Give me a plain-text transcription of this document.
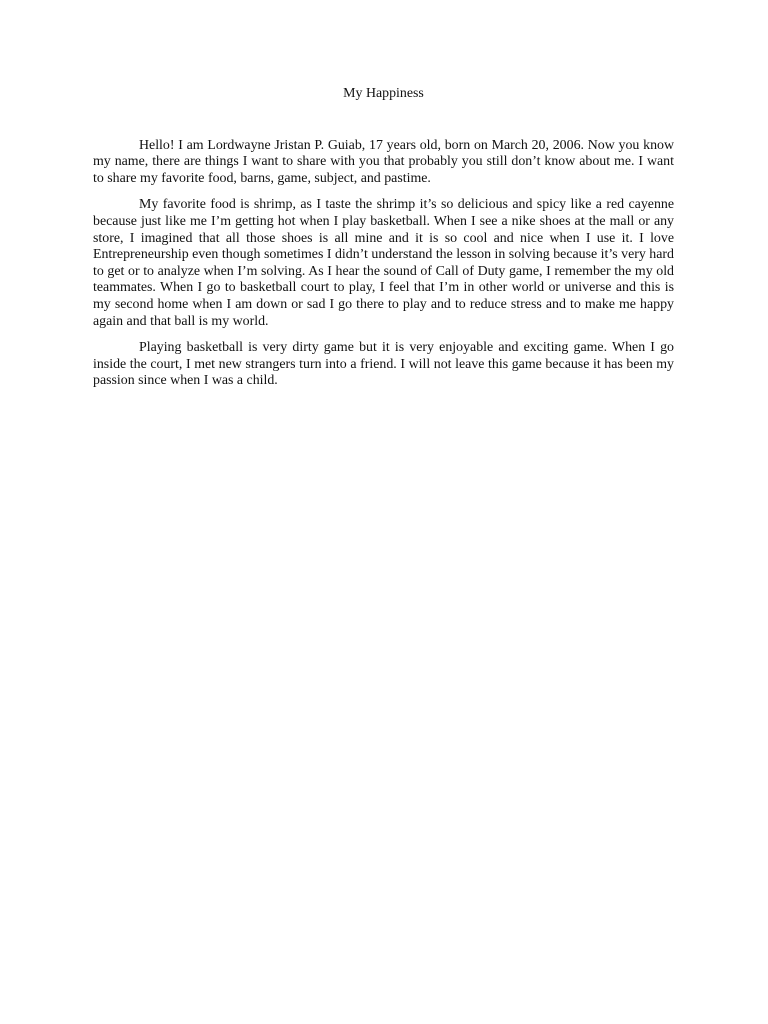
My Happiness

Hello! I am Lordwayne Jristan P. Guiab, 17 years old, born on March 20, 2006. Now you know my name, there are things I want to share with you that probably you still don’t know about me. I want to share my favorite food, barns, game, subject, and pastime.

My favorite food is shrimp, as I taste the shrimp it’s so delicious and spicy like a red cayenne because just like me I’m getting hot when I play basketball. When I see a nike shoes at the mall or any store, I imagined that all those shoes is all mine and it is so cool and nice when I use it. I love Entrepreneurship even though sometimes I didn’t understand the lesson in solving because it’s very hard to get or to analyze when I’m solving. As I hear the sound of Call of Duty game, I remember the my old teammates. When I go to basketball court to play, I feel that I’m in other world or universe and this is my second home when I am down or sad I go there to play and to reduce stress and to make me happy again and that ball is my world.

Playing basketball is very dirty game but it is very enjoyable and exciting game. When I go inside the court, I met new strangers turn into a friend. I will not leave this game because it has been my passion since when I was a child.
